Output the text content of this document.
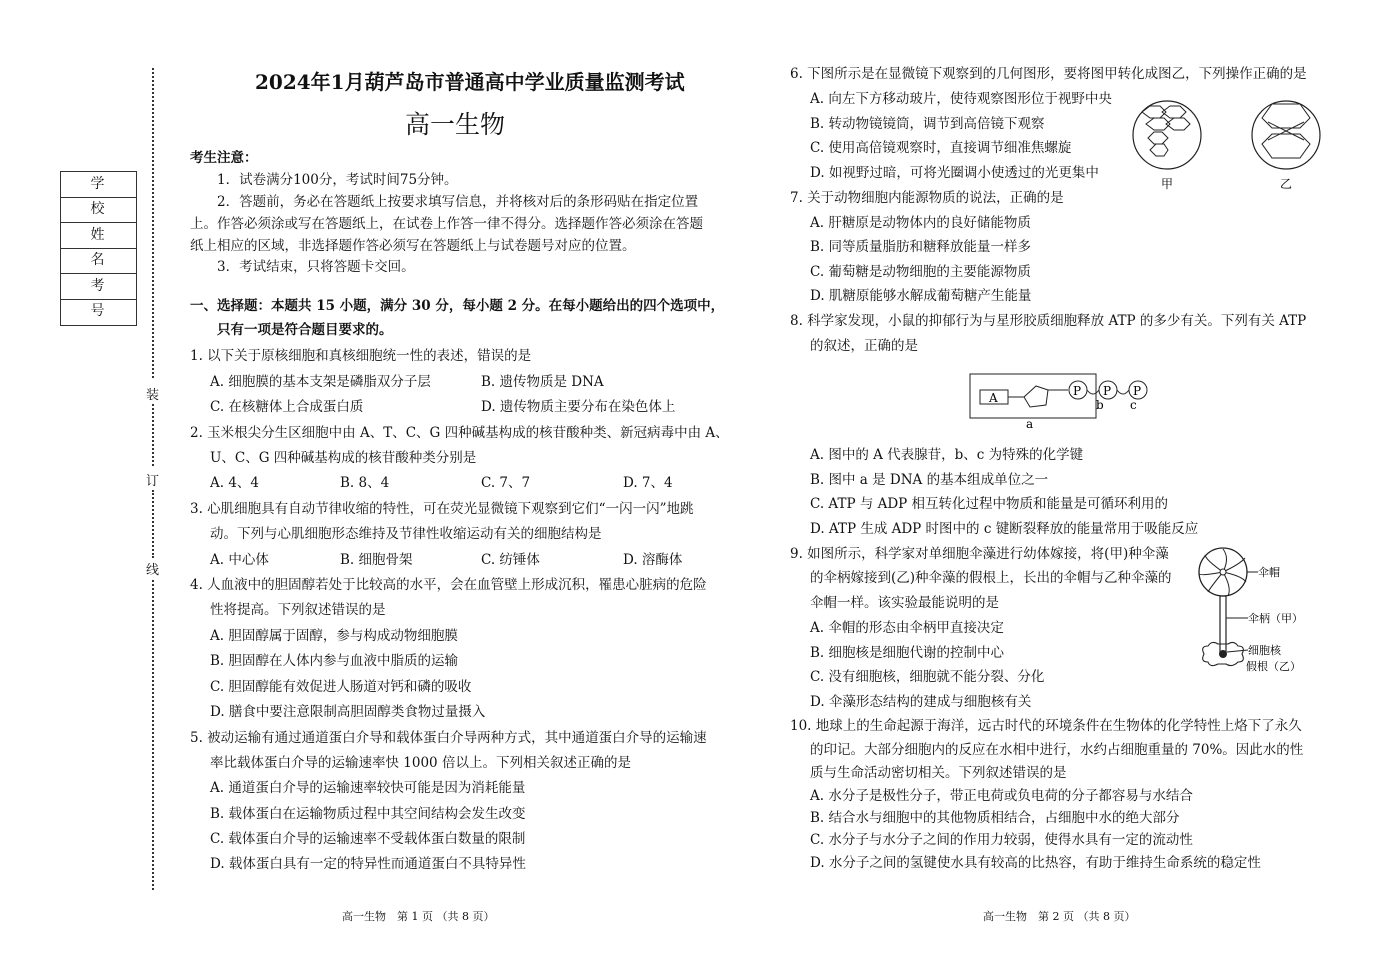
装
订
线
学 校
姓 名
考 号
2024年1月葫芦岛市普通高中学业质量监测考试
高一生物
考生注意：
1．试卷满分100分，考试时间75分钟。
2．答题前，务必在答题纸上按要求填写信息，并将核对后的条形码贴在指定位置
上。作答必须涂或写在答题纸上，在试卷上作答一律不得分。选择题作答必须涂在答题
纸上相应的区域，非选择题作答必须写在答题纸上与试卷题号对应的位置。
3．考试结束，只将答题卡交回。
一、选择题：本题共 15 小题，满分 30 分，每小题 2 分。在每小题给出的四个选项中，
只有一项是符合题目要求的。
1. 以下关于原核细胞和真核细胞统一性的表述，错误的是
A. 细胞膜的基本支架是磷脂双分子层	B. 遗传物质是 DNA
C. 在核糖体上合成蛋白质	D. 遗传物质主要分布在染色体上
2. 玉米根尖分生区细胞中由 A、T、C、G 四种碱基构成的核苷酸种类、新冠病毒中由 A、
U、C、G 四种碱基构成的核苷酸种类分别是
A. 4、4	B. 8、4	C. 7、7	D. 7、4
3. 心肌细胞具有自动节律收缩的特性，可在荧光显微镜下观察到它们“一闪一闪”地跳
动。下列与心肌细胞形态维持及节律性收缩运动有关的细胞结构是
A. 中心体	B. 细胞骨架	C. 纺锤体	D. 溶酶体
4. 人血液中的胆固醇若处于比较高的水平，会在血管壁上形成沉积，罹患心脏病的危险
性将提高。下列叙述错误的是
A. 胆固醇属于固醇，参与构成动物细胞膜
B. 胆固醇在人体内参与血液中脂质的运输
C. 胆固醇能有效促进人肠道对钙和磷的吸收
D. 膳食中要注意限制高胆固醇类食物过量摄入
5. 被动运输有通过通道蛋白介导和载体蛋白介导两种方式，其中通道蛋白介导的运输速
率比载体蛋白介导的运输速率快 1000 倍以上。下列相关叙述正确的是
A. 通道蛋白介导的运输速率较快可能是因为消耗能量
B. 载体蛋白在运输物质过程中其空间结构会发生改变
C. 载体蛋白介导的运输速率不受载体蛋白数量的限制
D. 载体蛋白具有一定的特异性而通道蛋白不具特异性
6. 下图所示是在显微镜下观察到的几何图形，要将图甲转化成图乙，下列操作正确的是
A. 向左下方移动玻片，使待观察图形位于视野中央
B. 转动物镜镜筒，调节到高倍镜下观察
C. 使用高倍镜观察时，直接调节细准焦螺旋
D. 如视野过暗，可将光圈调小使透过的光更集中
甲	乙
7. 关于动物细胞内能源物质的说法，正确的是
A. 肝糖原是动物体内的良好储能物质
B. 同等质量脂肪和糖释放能量一样多
C. 葡萄糖是动物细胞的主要能源物质
D. 肌糖原能够水解成葡萄糖产生能量
8. 科学家发现，小鼠的抑郁行为与星形胶质细胞释放 ATP 的多少有关。下列有关 ATP
的叙述，正确的是
A	P P P
a
b c
A. 图中的 A 代表腺苷，b、c 为特殊的化学键
B. 图中 a 是 DNA 的基本组成单位之一
C. ATP 与 ADP 相互转化过程中物质和能量是可循环利用的
D. ATP 生成 ADP 时图中的 c 键断裂释放的能量常用于吸能反应
9. 如图所示，科学家对单细胞伞藻进行幼体嫁接，将(甲)种伞藻
的伞柄嫁接到(乙)种伞藻的假根上，长出的伞帽与乙种伞藻的
伞帽一样。该实验最能说明的是
A. 伞帽的形态由伞柄甲直接决定
B. 细胞核是细胞代谢的控制中心
C. 没有细胞核，细胞就不能分裂、分化
D. 伞藻形态结构的建成与细胞核有关
伞帽
伞柄（甲）
细胞核
假根（乙）
10. 地球上的生命起源于海洋，远古时代的环境条件在生物体的化学特性上烙下了永久
的印记。大部分细胞内的反应在水相中进行，水约占细胞重量的 70%。因此水的性
质与生命活动密切相关。下列叙述错误的是
A. 水分子是极性分子，带正电荷或负电荷的分子都容易与水结合
B. 结合水与细胞中的其他物质相结合，占细胞中水的绝大部分
C. 水分子与水分子之间的作用力较弱，使得水具有一定的流动性
D. 水分子之间的氢键使水具有较高的比热容，有助于维持生命系统的稳定性
高一生物　第 1 页 （共 8 页）	高一生物　第 2 页 （共 8 页）
